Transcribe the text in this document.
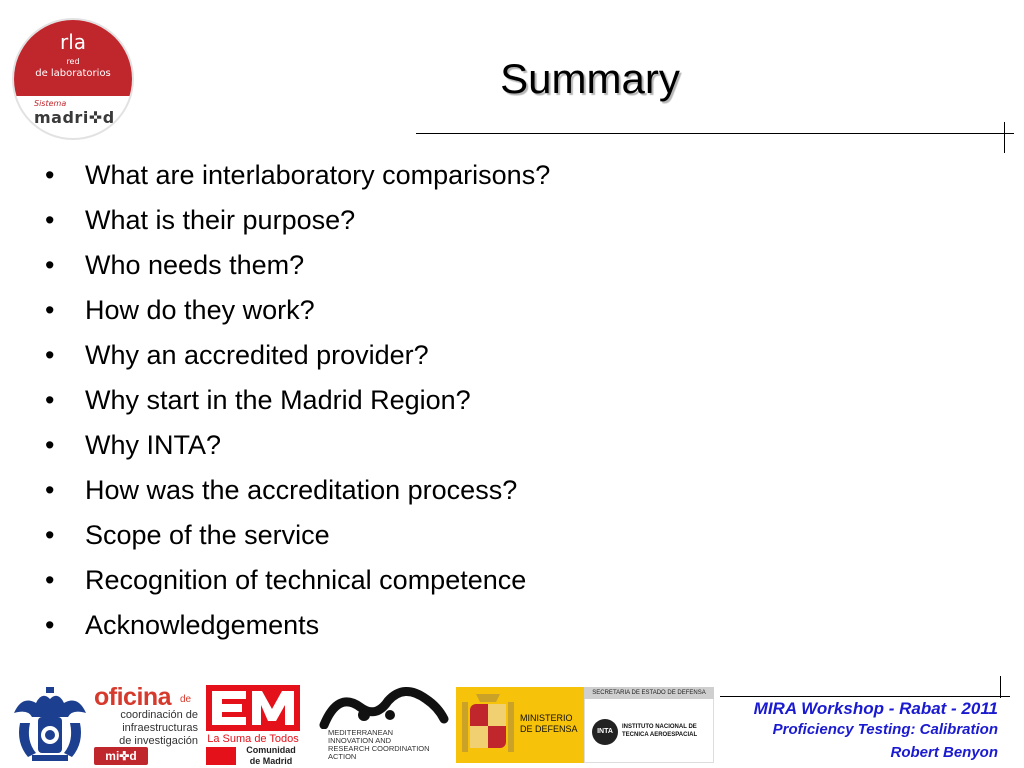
rla
red
de laboratorios
Sistema
madri✜d
Summary
•	What are interlaboratory comparisons?
•	What is their purpose?
•	Who needs them?
•	How do they work?
•	Why an accredited provider?
•	Why start in the Madrid Region?
•	Why INTA?
•	How was the accreditation process?
•	Scope of the service
•	Recognition of technical competence
•	Acknowledgements
oficina de
coordinación de
infraestructuras
de investigación
mi✜d
La Suma de Todos
Comunidad de Madrid
MEDITERRANEAN
INNOVATION AND
RESEARCH COORDINATION
ACTION
MINISTERIO DE DEFENSA
SECRETARIA DE ESTADO DE DEFENSA
INTA
INSTITUTO NACIONAL DE TECNICA AEROESPACIAL
MIRA Workshop - Rabat - 2011
Proficiency Testing: Calibration
Robert Benyon
